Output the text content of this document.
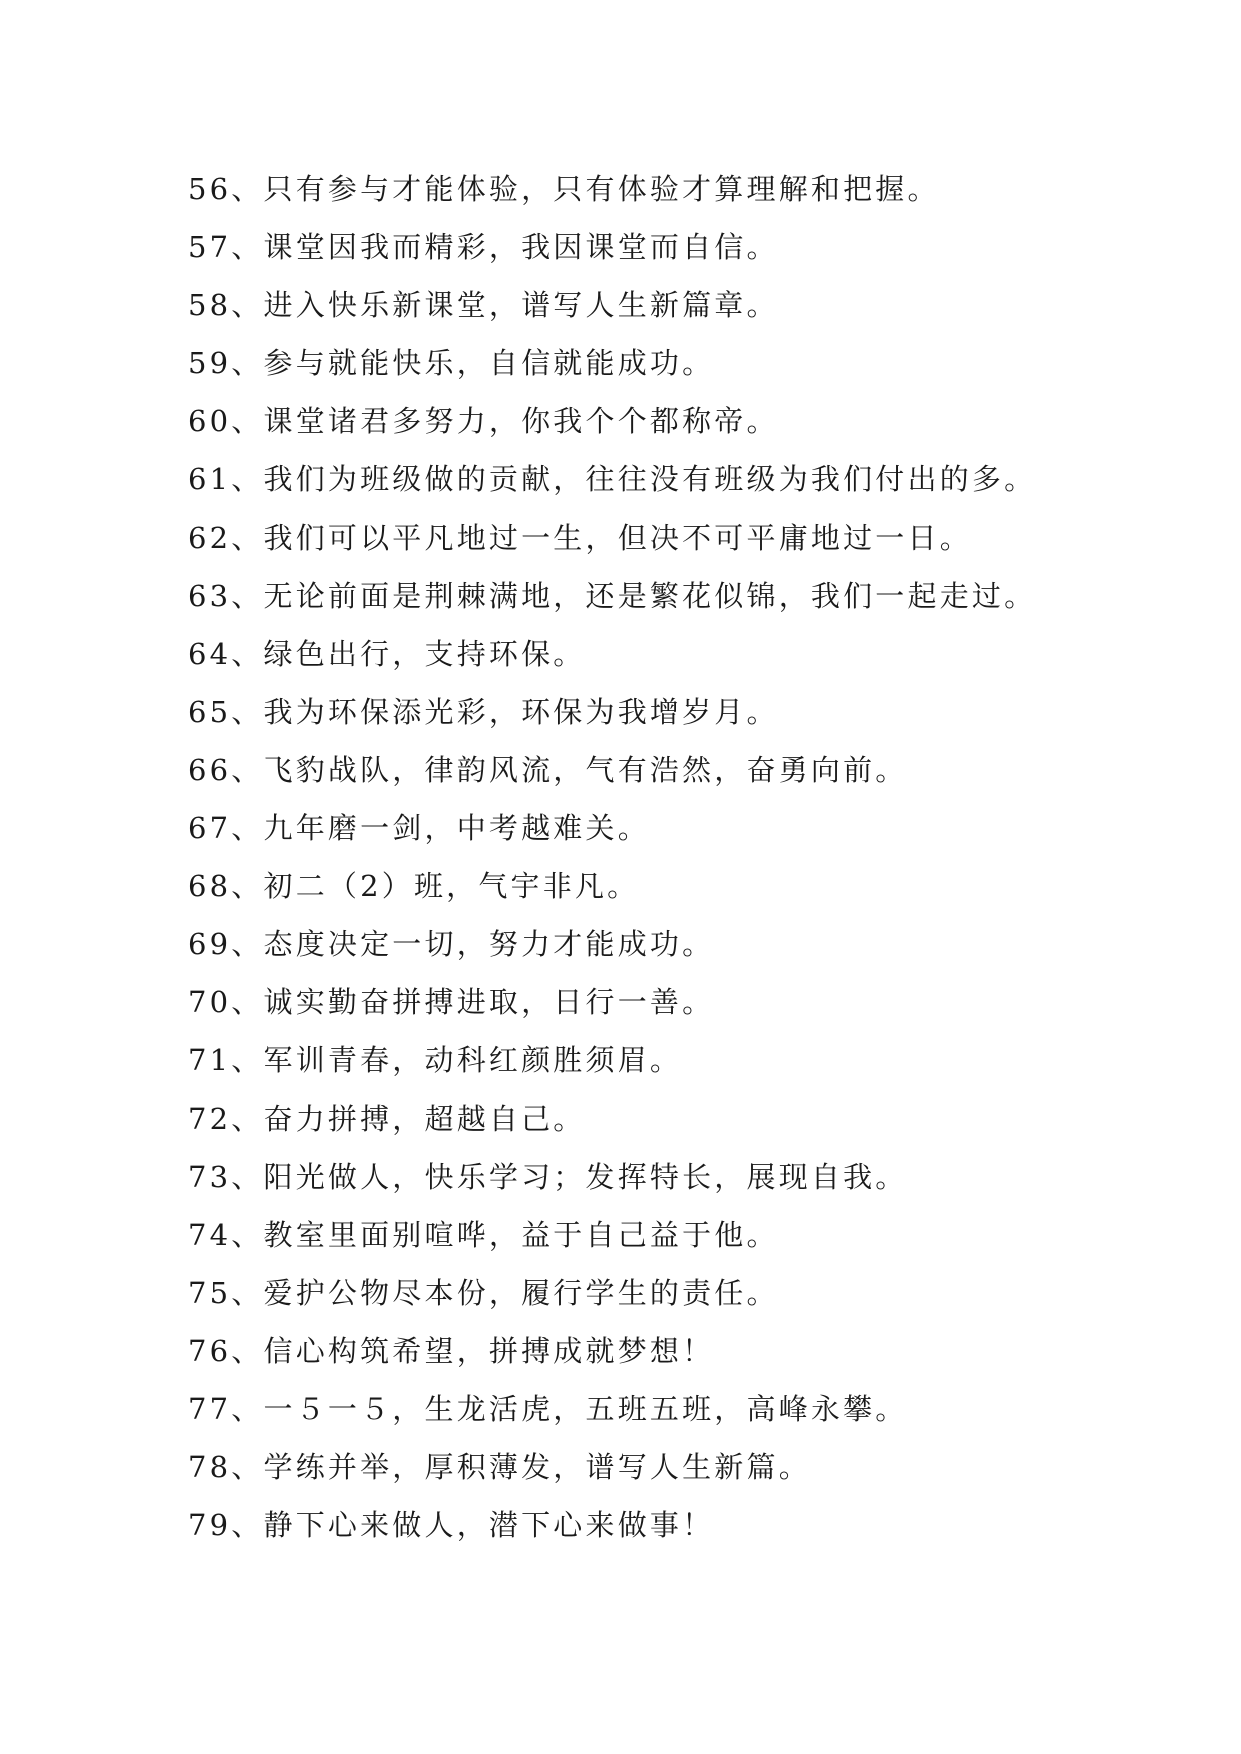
56、只有参与才能体验，只有体验才算理解和把握。
57、课堂因我而精彩，我因课堂而自信。
58、进入快乐新课堂，谱写人生新篇章。
59、参与就能快乐，自信就能成功。
60、课堂诸君多努力，你我个个都称帝。
61、我们为班级做的贡献，往往没有班级为我们付出的多。
62、我们可以平凡地过一生，但决不可平庸地过一日。
63、无论前面是荆棘满地，还是繁花似锦，我们一起走过。
64、绿色出行，支持环保。
65、我为环保添光彩，环保为我增岁月。
66、飞豹战队，律韵风流，气有浩然，奋勇向前。
67、九年磨一剑，中考越难关。
68、初二（2）班，气宇非凡。
69、态度决定一切，努力才能成功。
70、诚实勤奋拼搏进取，日行一善。
71、军训青春，动科红颜胜须眉。
72、奋力拼搏，超越自己。
73、阳光做人，快乐学习；发挥特长，展现自我。
74、教室里面别喧哗，益于自己益于他。
75、爱护公物尽本份，履行学生的责任。
76、信心构筑希望，拼搏成就梦想！
77、一５一５，生龙活虎，五班五班，高峰永攀。
78、学练并举，厚积薄发，谱写人生新篇。
79、静下心来做人，潜下心来做事！
